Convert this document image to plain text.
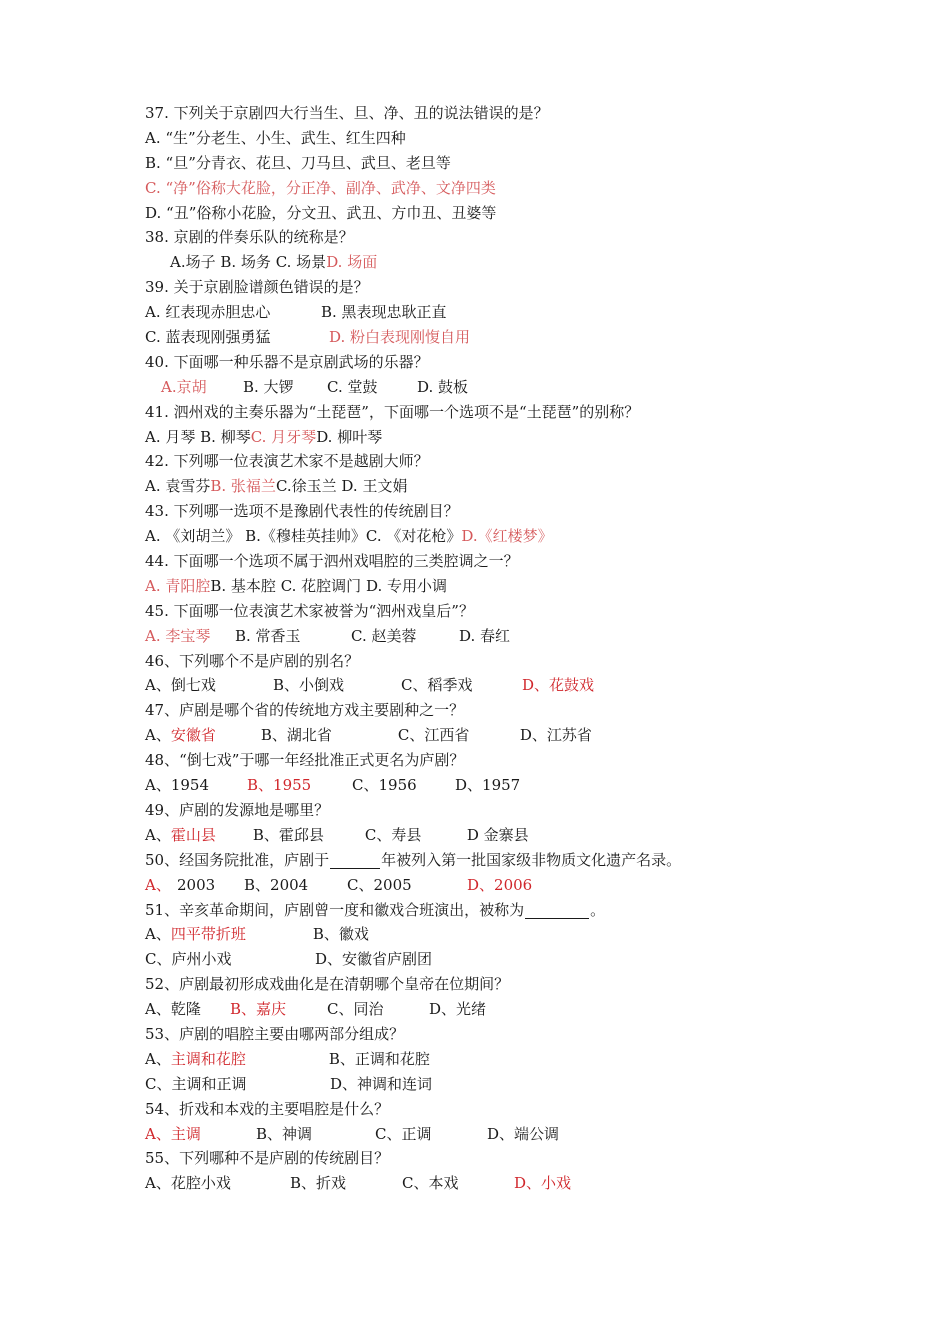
37. 下列关于京剧四大行当生、旦、净、丑的说法错误的是？
A. “生”分老生、小生、武生、红生四种
B. “旦”分青衣、花旦、刀马旦、武旦、老旦等
C. “净”俗称大花脸，分正净、副净、武净、文净四类
D. “丑”俗称小花脸，分文丑、武丑、方巾丑、丑婆等
38. 京剧的伴奏乐队的统称是？
A.场子 B. 场务 C. 场景D. 场面
39. 关于京剧脸谱颜色错误的是？
A. 红表现赤胆忠心	B. 黑表现忠耿正直
C. 蓝表现刚强勇猛	D. 粉白表现刚愎自用
40. 下面哪一种乐器不是京剧武场的乐器？
A.京胡 B. 大锣 C. 堂鼓	D. 鼓板
41. 泗州戏的主奏乐器为“土琵琶”，下面哪一个选项不是“土琵琶”的别称？
A. 月琴 B. 柳琴C. 月牙琴D. 柳叶琴
42. 下列哪一位表演艺术家不是越剧大师？
A. 袁雪芬B. 张福兰C.徐玉兰 D. 王文娟
43. 下列哪一选项不是豫剧代表性的传统剧目？
A. 《刘胡兰》 B.《穆桂英挂帅》C. 《对花枪》D.《红楼梦》
44. 下面哪一个选项不属于泗州戏唱腔的三类腔调之一？
A. 青阳腔B. 基本腔 C. 花腔调门 D. 专用小调
45. 下面哪一位表演艺术家被誉为“泗州戏皇后”？
A. 李宝琴 B. 常香玉	C. 赵美蓉	D. 春红
46、下列哪个不是庐剧的别名？
A、倒七戏	B、小倒戏	C、稻季戏	D、花鼓戏
47、庐剧是哪个省的传统地方戏主要剧种之一？
A、安徽省	B、湖北省	C、江西省	D、江苏省
48、“倒七戏”于哪一年经批准正式更名为庐剧？
A、1954	B、1955	C、1956	D、1957
49、庐剧的发源地是哪里？
A、霍山县 B、霍邱县	C、寿县	D 金寨县
50、经国务院批准，庐剧于	年被列入第一批国家级非物质文化遗产名录。
A、 2003 B、2004	C、2005	D、2006
51、辛亥革命期间，庐剧曾一度和徽戏合班演出，被称为	。
A、四平带折班	B、徽戏
C、庐州小戏	D、安徽省庐剧团
52、庐剧最初形成戏曲化是在清朝哪个皇帝在位期间？
A、乾隆 B、嘉庆	C、同治	D、光绪
53、庐剧的唱腔主要由哪两部分组成？
A、主调和花腔	B、正调和花腔
C、主调和正调	D、神调和连词
54、折戏和本戏的主要唱腔是什么？
A、主调	B、神调	C、正调	D、端公调
55、下列哪种不是庐剧的传统剧目？
A、花腔小戏	B、折戏	C、本戏	D、小戏
